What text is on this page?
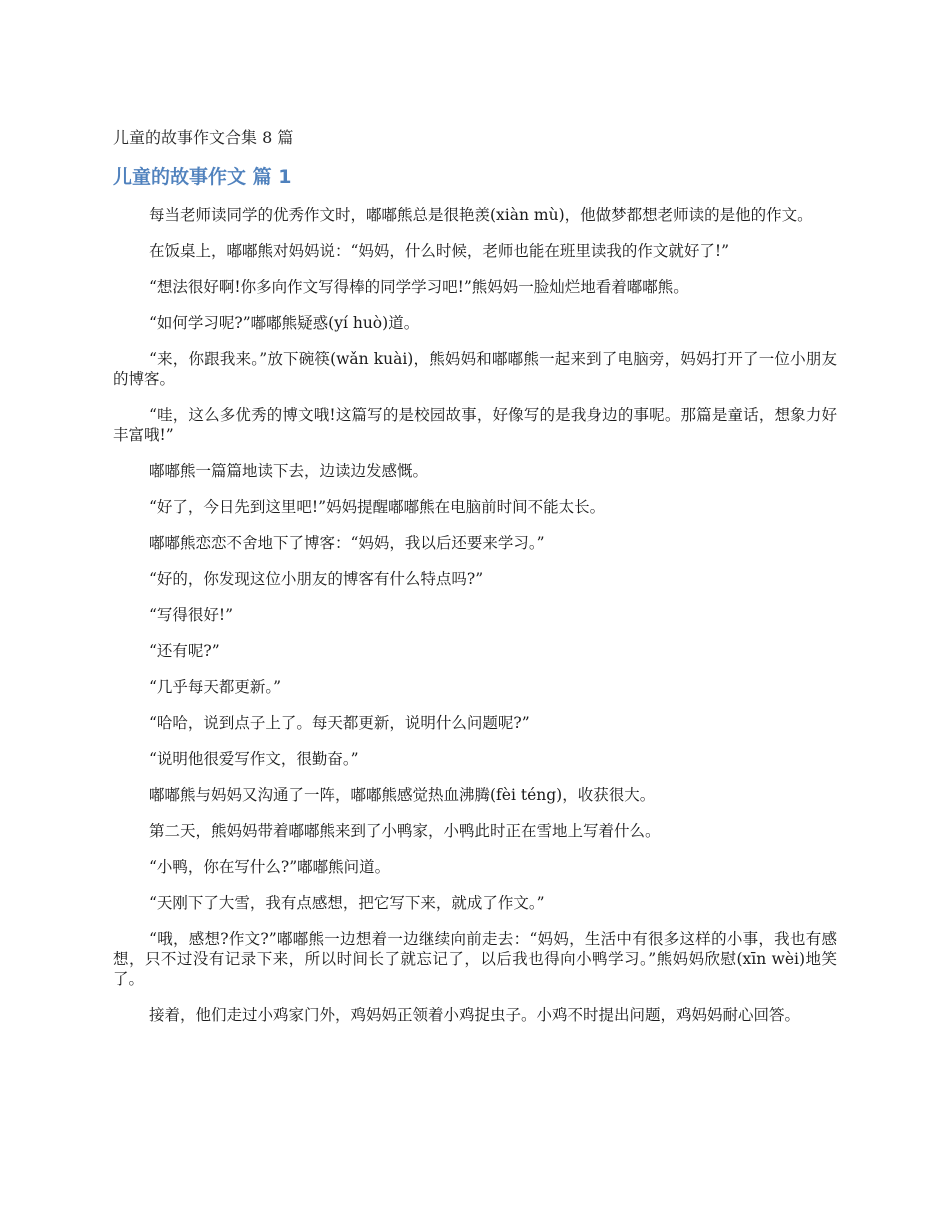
儿童的故事作文合集 8 篇

儿童的故事作文 篇 1

每当老师读同学的优秀作文时，嘟嘟熊总是很艳羡(xiàn mù)，他做梦都想老师读的是他的作文。

在饭桌上，嘟嘟熊对妈妈说：“妈妈，什么时候，老师也能在班里读我的作文就好了!”

“想法很好啊!你多向作文写得棒的同学学习吧!”熊妈妈一脸灿烂地看着嘟嘟熊。

“如何学习呢?”嘟嘟熊疑惑(yí huò)道。

“来，你跟我来。”放下碗筷(wǎn kuài)，熊妈妈和嘟嘟熊一起来到了电脑旁，妈妈打开了一位小朋友的博客。

“哇，这么多优秀的博文哦!这篇写的是校园故事，好像写的是我身边的事呢。那篇是童话，想象力好丰富哦!”

嘟嘟熊一篇篇地读下去，边读边发感慨。

“好了，今日先到这里吧!”妈妈提醒嘟嘟熊在电脑前时间不能太长。

嘟嘟熊恋恋不舍地下了博客：“妈妈，我以后还要来学习。”

“好的，你发现这位小朋友的博客有什么特点吗?”

“写得很好!”

“还有呢?”

“几乎每天都更新。”

“哈哈，说到点子上了。每天都更新，说明什么问题呢?”

“说明他很爱写作文，很勤奋。”

嘟嘟熊与妈妈又沟通了一阵，嘟嘟熊感觉热血沸腾(fèi téng)，收获很大。

第二天，熊妈妈带着嘟嘟熊来到了小鸭家，小鸭此时正在雪地上写着什么。

“小鸭，你在写什么?”嘟嘟熊问道。

“天刚下了大雪，我有点感想，把它写下来，就成了作文。”

“哦，感想?作文?”嘟嘟熊一边想着一边继续向前走去：“妈妈，生活中有很多这样的小事，我也有感想，只不过没有记录下来，所以时间长了就忘记了，以后我也得向小鸭学习。”熊妈妈欣慰(xīn wèi)地笑了。

接着，他们走过小鸡家门外，鸡妈妈正领着小鸡捉虫子。小鸡不时提出问题，鸡妈妈耐心回答。
